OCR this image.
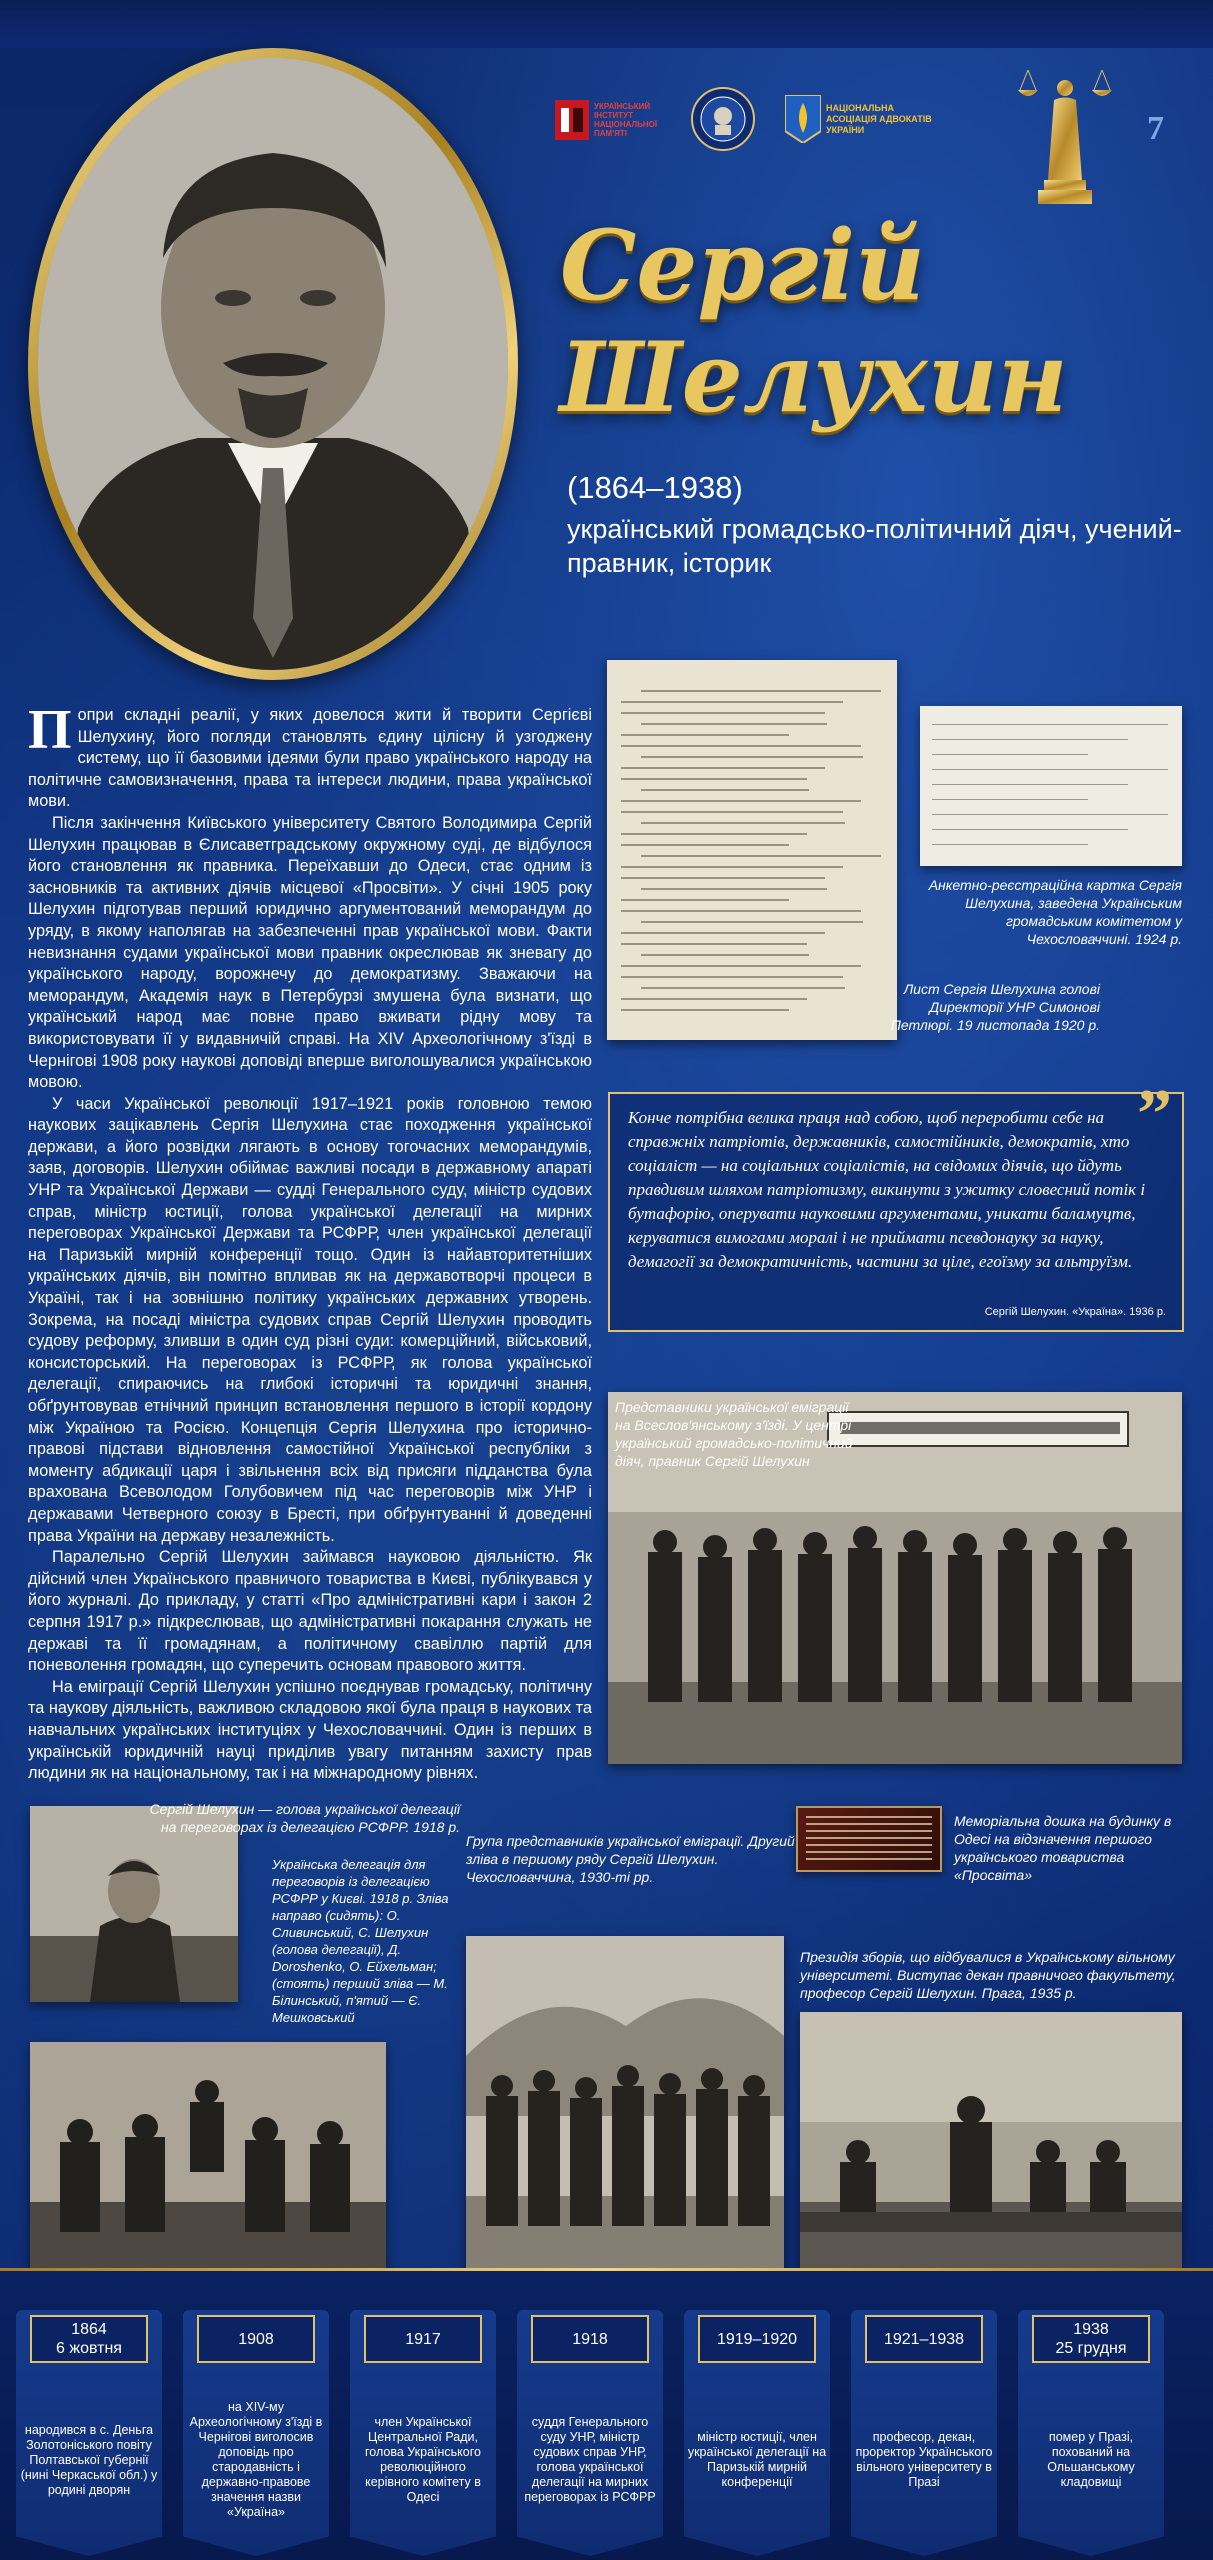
УКРАЇНСЬКИЙ ІНСТИТУТ НАЦІОНАЛЬНОЇ ПАМ'ЯТІ
НАЦІОНАЛЬНА АСОЦІАЦІЯ АДВОКАТІВ УКРАЇНИ	7
Сергій
Шелухин
(1864–1938)
український громадсько-політичний діяч, учений-правник, історик

Попри складні реалії, у яких довелося жити й творити Сергієві Шелухину, його погляди становлять єдину цілісну й узгоджену систему, що її базовими ідеями були право українського народу на політичне самовизначення, права та інтереси людини, права української мови.

Після закінчення Київського університету Святого Володимира Сергій Шелухин працював в Єлисаветградському окружному суді, де відбулося його становлення як правника. Переїхавши до Одеси, стає одним із засновників та активних діячів місцевої «Просвіти». У січні 1905 року Шелухин підготував перший юридично аргументований меморандум до уряду, в якому наполягав на забезпеченні прав української мови. Факти невизнання судами української мови правник окреслював як зневагу до українського народу, ворожнечу до демократизму. Зважаючи на меморандум, Академія наук в Петербурзі змушена була визнати, що український народ має повне право вживати рідну мову та використовувати її у видавничій справі. На XIV Археологічному з'їзді в Чернігові 1908 року наукові доповіді вперше виголошувалися українською мовою.

У часи Української революції 1917–1921 років головною темою наукових зацікавлень Сергія Шелухина стає походження української держави, а його розвідки лягають в основу тогочасних меморандумів, заяв, договорів. Шелухин обіймає важливі посади в державному апараті УНР та Української Держави — судді Генерального суду, міністр судових справ, міністр юстиції, голова української делегації на мирних переговорах Української Держави та РСФРР, член української делегації на Паризькій мирній конференції тощо. Один із найавторитетніших українських діячів, він помітно впливав як на державотворчі процеси в Україні, так і на зовнішню політику українських державних утворень. Зокрема, на посаді міністра судових справ Сергій Шелухин проводить судову реформу, зливши в один суд різні суди: комерційний, військовий, консисторський. На переговорах із РСФРР, як голова української делегації, спираючись на глибокі історичні та юридичні знання, обґрунтовував етнічний принцип встановлення першого в історії кордону між Україною та Росією. Концепція Сергія Шелухина про історично-правові підстави відновлення самостійної Української республіки з моменту абдикації царя і звільнення всіх від присяги підданства була врахована Всеволодом Голубовичем під час переговорів між УНР і державами Четверного союзу в Бресті, при обґрунтуванні й доведенні права України на державу незалежність.

Паралельно Сергій Шелухин займався науковою діяльністю. Як дійсний член Українського правничого товариства в Києві, публікувався у його журналі. До прикладу, у статті «Про адміністративні кари і закон 2 серпня 1917 р.» підкреслював, що адміністративні покарання служать не державі та її громадянам, а політичному свавіллю партій для поневолення громадян, що суперечить основам правового життя.

На еміграції Сергій Шелухин успішно поєднував громадську, політичну та наукову діяльність, важливою складовою якої була праця в наукових та навчальних українських інституціях у Чехословаччині. Один із перших в українській юридичній науці приділив увагу питанням захисту прав людини як на національному, так і на міжнародному рівнях.

Лист Сергія Шелухина голові Директорії УНР Симонові Петлюрі. 19 листопада 1920 р.
Анкетно-реєстраційна картка Сергія Шелухина, заведена Українським громадським комітетом у Чехословаччині. 1924 р.
”

Конче потрібна велика праця над собою, щоб переробити себе на справжніх патріотів, державників, самостійників, демократів, хто соціаліст — на соціальних соціалістів, на свідомих діячів, що йдуть правдивим шляхом патріотизму, викинути з ужитку словесний потік і бутафорію, оперувати науковими аргументами, уникати баламуцтв, керуватися вимогами моралі і не приймати псевдонауку за науку, демагогії за демократичність, частини за ціле, егоїзму за альтруїзм.

Сергій Шелухин. «Україна». 1936 р.
Представники української еміграції на Всеслов'янському з'їзді. У центрі український громадсько-політичний діяч, правник Сергій Шелухин
Сергій Шелухин — голова української делегації на переговорах із делегацією РСФРР. 1918 р.
Українська делегація для переговорів із делегацією РСФРР у Києві. 1918 р. Зліва направо (сидять): О. Сливинський, С. Шелухин (голова делегації), Д. Doroshenko, О. Ейхельман; (стоять) перший зліва — М. Білинський, п'ятий — Є. Мешковський
Група представників української еміграції. Другий зліва в першому ряду Сергій Шелухин. Чехословаччина, 1930-ті рр.
Меморіальна дошка на будинку в Одесі на відзначення першого українського товариства «Просвіта»
Президія зборів, що відбувалися в Українському вільному університеті. Виступає декан правничого факультету, професор Сергій Шелухин. Прага, 1935 р.
1864
6 жовтня
народився в с. Деньга Золотоніського повіту Полтавської губернії (нині Черкаської обл.) у родині дворян
1908
на XIV-му Археологічному з'їзді в Чернігові виголосив доповідь про стародавність і державно-правове значення назви «Україна»
1917
член Української Центральної Ради, голова Українського революційного керівного комітету в Одесі
1918
суддя Генерального суду УНР, міністр судових справ УНР, голова української делегації на мирних переговорах із РСФРР
1919–1920
міністр юстиції, член української делегації на Паризькій мирній конференції
1921–1938
професор, декан, проректор Українського вільного університету в Празі
1938
25 грудня
помер у Празі, похований на Ольшанському кладовищі
